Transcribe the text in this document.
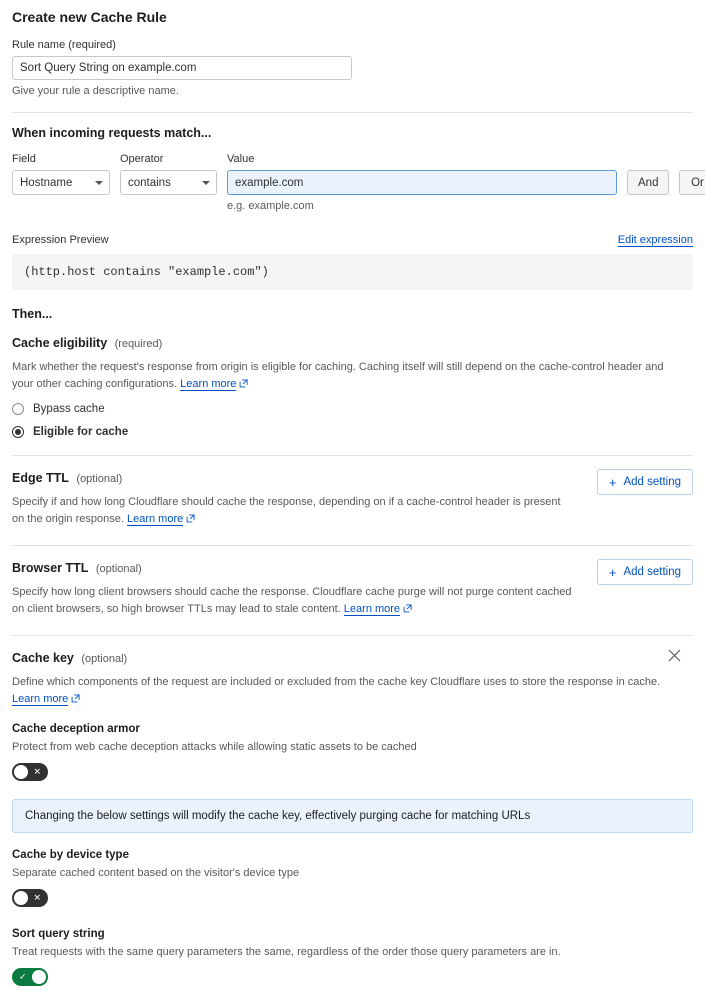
Create new Cache Rule
Rule name (required)
Sort Query String on example.com
Give your rule a descriptive name.
When incoming requests match...
Field
Hostname
Operator
contains
Value
example.com
e.g. example.com
And	Or
Expression Preview	Edit expression
(http.host contains "example.com")
Then...
Cache eligibility (required)
Mark whether the request's response from origin is eligible for caching. Caching itself will still depend on the cache-control header and your other caching configurations. Learn more
Bypass cache
Eligible for cache
Edge TTL (optional)
Specify if and how long Cloudflare should cache the response, depending on if a cache-control header is present on the origin response. Learn more
+ Add setting
Browser TTL (optional)
Specify how long client browsers should cache the response. Cloudflare cache purge will not purge content cached on client browsers, so high browser TTLs may lead to stale content. Learn more
+ Add setting
Cache key (optional)
Define which components of the request are included or excluded from the cache key Cloudflare uses to store the response in cache.
Learn more
Cache deception armor
Protect from web cache deception attacks while allowing static assets to be cached
✕
Changing the below settings will modify the cache key, effectively purging cache for matching URLs
Cache by device type
Separate cached content based on the visitor's device type
✕
Sort query string
Treat requests with the same query parameters the same, regardless of the order those query parameters are in.
✓
